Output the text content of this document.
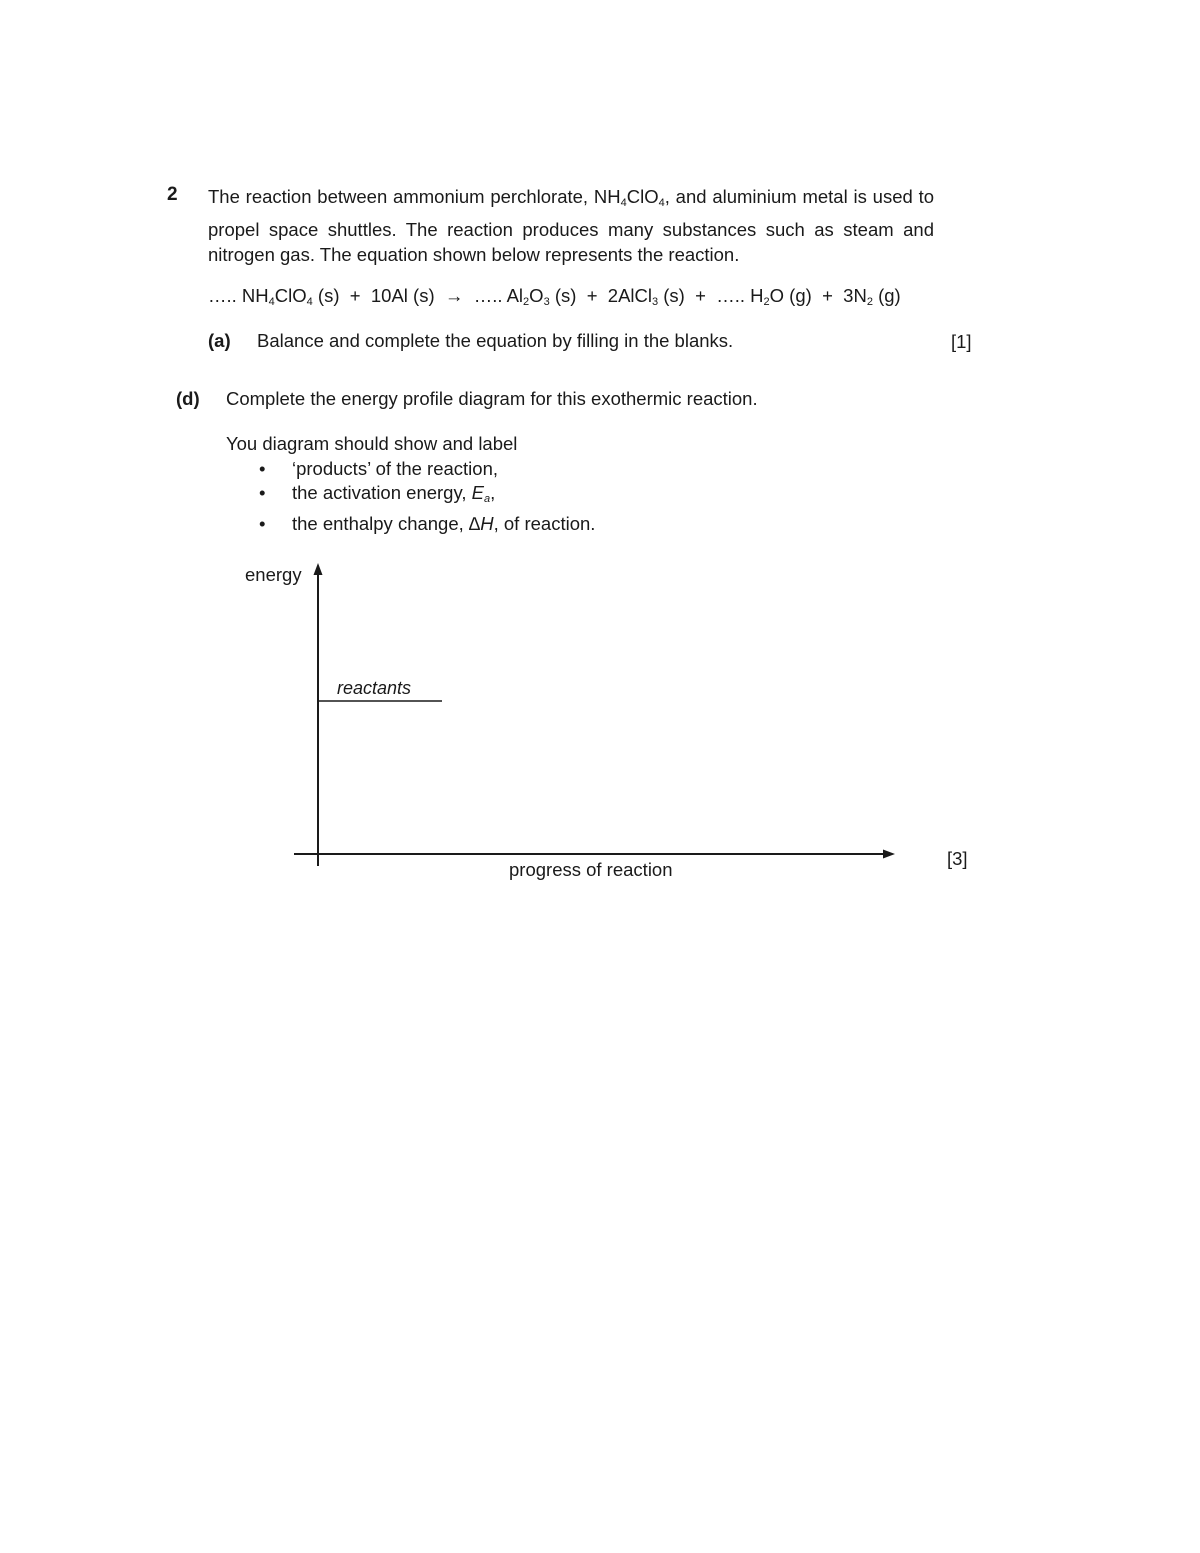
2 The reaction between ammonium perchlorate, $NH_4ClO_4$, and aluminium metal is used to propel space shuttles. The reaction produces many substances such as steam and nitrogen gas. The equation shown below represents the reaction.
….. $NH_4ClO_4$ (s) + 10Al (s) → ….. $Al_2O_3$ (s) + 2AlCl$_3$ (s) + ….. $H_2O$ $(g) + 3N_2$ (g)
(a) Balance and complete the equation by filling in the blanks.	[1]
(d) Complete the energy profile diagram for this exothermic reaction.
You diagram should show and label
• ‘products’ of the reaction,
• the activation energy, $E_a$,
• the enthalpy change, ∆H, of reaction.
energy
progress of reaction
reactants
[3]
